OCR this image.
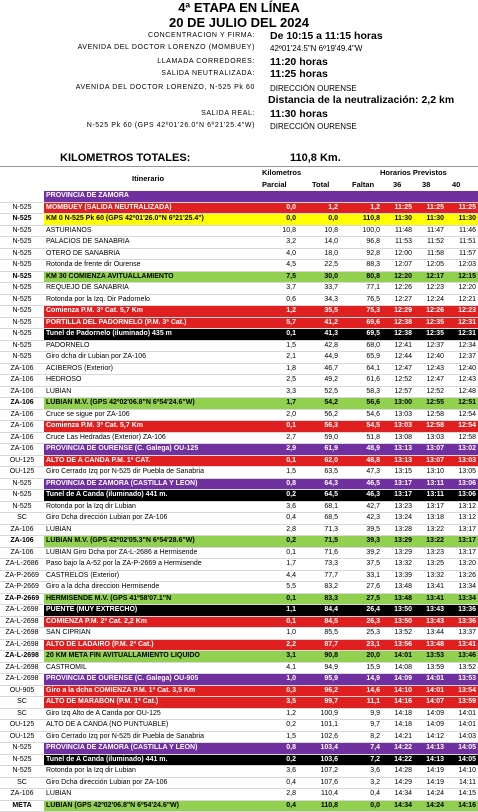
4ª ETAPA EN LÍNEA
20 DE JULIO DEL 2024
KILOMETROS TOTALES:	110,8 Km.
CONCENTRACION Y FIRMA: De 10:15 a 11:15 horas
AVENIDA DEL DOCTOR LORENZO (MOMBUEY) 42º01'24.5"N 6º19'49.4"W
LLAMADA CORREDORES: 11:20 horas
SALIDA NEUTRALIZADA: 11:25 horas
AVENIDA DEL DOCTOR LORENZO, N-525 Pk 60 DIRECCIÓN OURENSE
Distancia de la neutralización: 2,2 km
SALIDA REAL: 11:30 horas
N-525 Pk 60 (GPS 42º01'26.0"N 6º21'25.4"W) DIRECCIÓN OURENSE
Kilometros	Horarios Previstos
Itinerario
Parcial	Total	Faltan	36	38	40
	PROVINCIA DE ZAMORA						
N-525	MOMBUEY (SALIDA NEUTRALIZADA)	0,0	1,2	1,2	11:25	11:25	11:25
N-525	KM 0 N-525 Pk 60 (GPS 42º01'26.0"N 6º21'25.4")	0,0	0,0	110,8	11:30	11:30	11:30
N-525	ASTURIANOS	10,8	10,8	100,0	11:48	11:47	11:46
N-525	PALACIOS DE SANABRIA	3,2	14,0	96,8	11:53	11:52	11:51
N-525	OTERO DE SANABRIA	4,0	18,0	92,8	12:00	11:58	11:57
N-525	Rotonda de frente dir Ourense	4,5	22,5	88,3	12:07	12:05	12:03
N-525	KM 30 COMIENZA AVITUALLAMIENTO	7,5	30,0	80,8	12:20	12:17	12:15
N-525	REQUEJO DE SANABRIA	3,7	33,7	77,1	12:26	12:23	12:20
N-525	Rotonda por la Izq. Dir Padornelo	0,6	34,3	76,5	12:27	12:24	12:21
N-525	Comienza P.M. 3ª Cat. 5,7 Km	1,2	35,5	75,3	12:29	12:26	12:23
N-525	PORTILLA DEL PADORNELO (P.M. 3ª Cat.)	5,7	41,2	69,6	12:38	12:35	12:31
N-525	Tunel de Padornelo (iluminado) 435 m	0,1	41,3	69,5	12:38	12:35	12:31
N-525	PADORNELO	1,5	42,8	68,0	12:41	12:37	12:34
N-525	Giro dcha dir Lubian por ZA-106	2,1	44,9	65,9	12:44	12:40	12:37
ZA-106	ACIBEROS (Exterior)	1,8	46,7	64,1	12:47	12:43	12:40
ZA-106	HEDROSO	2,5	49,2	61,6	12:52	12:47	12:43
ZA-106	LUBIAN	3,3	52,5	58,3	12:57	12:52	12:48
ZA-106	LUBIAN M.V. (GPS 42º02'06.8"N 6º54'24.6"W)	1,7	54,2	56,6	13:00	12:55	12:51
ZA-106	Cruce se sigue por ZA-106	2,0	56,2	54,6	13:03	12:58	12:54
ZA-106	Comienza P.M. 3ª Cat. 5,7 Km	0,1	56,3	54,5	13:03	12:58	12:54
ZA-106	Cruce Las Hedradas (Exterior) ZA-106	2,7	59,0	51,8	13:08	13:03	12:58
ZA-106	PROVINCIA DE OURENSE (C. Galega) OU-125	2,9	61,9	48,9	13:13	13:07	13:02
OU-125	ALTO DE A CANDA P.M. 1ª CAT.	0,1	62,0	48,8	13:13	13:07	13:03
OU-125	Giro Cerrado Izq por N-525 dir Puebla de Sanabria	1,5	63,5	47,3	13:15	13:10	13:05
N-525	PROVINCIA DE ZAMORA (CASTILLA Y LEON)	0,8	64,3	46,5	13:17	13:11	13:06
N-525	Tunel de A Canda (iluminado) 441 m.	0,2	64,5	46,3	13:17	13:11	13:06
N-525	Rotonda por la Izq dir Lubian	3,6	68,1	42,7	13:23	13:17	13:12
SC	Giro Dcha dirección Lubian por ZA-106	0,4	68,5	42,3	13:24	13:18	13:12
ZA-106	LUBIAN	2,8	71,3	39,5	13:28	13:22	13:17
ZA-106	LUBIAN M.V. (GPS 42º02'05.3"N 6º54'28.6"W)	0,2	71,5	39,3	13:29	13:22	13:17
ZA-106	LUBIAN Giro Dcha por ZA-L-2686 a Hermisende	0,1	71,6	39,2	13:29	13:23	13:17
ZA-L-2686	Paso bajo la A-52 por la ZA-P-2669 a Hermisende	1,7	73,3	37,5	13:32	13:25	13:20
ZA-P-2669	CASTRELOS (Exterior)	4,4	77,7	33,1	13:39	13:32	13:26
ZA-P-2669	Giro a la dcha direccion Hermisende	5,5	83,2	27,6	13:48	13:41	13:34
ZA-P-2669	HERMISENDE M.V. (GPS 41º58'07.1"N	0,1	83,3	27,5	13:48	13:41	13:34
ZA-L-2698	PUENTE (MUY EXTRECHO)	1,1	84,4	26,4	13:50	13:43	13:36
ZA-L-2698	COMIENZA P.M. 2ª Cat. 2,2 Km	0,1	84,5	26,3	13:50	13:43	13:36
ZA-L-2698	SAN CIPRIAN	1,0	85,5	25,3	13:52	13:44	13:37
ZA-L-2698	ALTO DE LADAIRO (P.M. 2ª Cat.)	2,2	87,7	23,1	13:56	13:48	13:41
ZA-L-2698	20 KM META FIN AVITUALLAMIENTO LIQUIDO	3,1	90,8	20,0	14:01	13:53	13:46
ZA-L-2698	CASTROMIL	4,1	94,9	15,9	14:08	13:59	13:52
ZA-L-2698	PROVINCIA DE OURENSE (C. Galega) OU-905	1,0	95,9	14,9	14:09	14:01	13:53
OU-905	Giro a la dcha COMIENZA P.M. 1ª Cat. 3,5 Km	0,3	96,2	14,6	14:10	14:01	13:54
SC	ALTO DE MARABÓN (P.M. 1ª Cat.)	3,5	99,7	11,1	14:16	14:07	13:59
SC	Giro Izq Alto de A Canda por OU-125	1,2	100,9	9,9	14:18	14:09	14:01
OU-125	ALTO DE A CANDA (NO PUNTUABLE)	0,2	101,1	9,7	14:18	14:09	14:01
OU-125	Giro Cerrado Izq por N-525 dir Puebla de Sanabria	1,5	102,6	8,2	14:21	14:12	14:03
N-525	PROVINCIA DE ZAMORA (CASTILLA Y LEON)	0,8	103,4	7,4	14:22	14:13	14:05
N-525	Tunel de A Canda (iluminado) 441 m.	0,2	103,6	7,2	14:22	14:13	14:05
N-525	Rotonda por la Izq dir Lubian	3,6	107,2	3,6	14:28	14:19	14:10
SC	Giro Dcha dirección Lubian por ZA-106	0,4	107,6	3,2	14:29	14:19	14:11
ZA-106	LUBIAN	2,8	110,4	0,4	14:34	14:24	14:15
META	LUBIAN (GPS 42º02'06.8"N 6º54'24.6"W)	0,4	110,8	0,0	14:34	14:24	14:16
